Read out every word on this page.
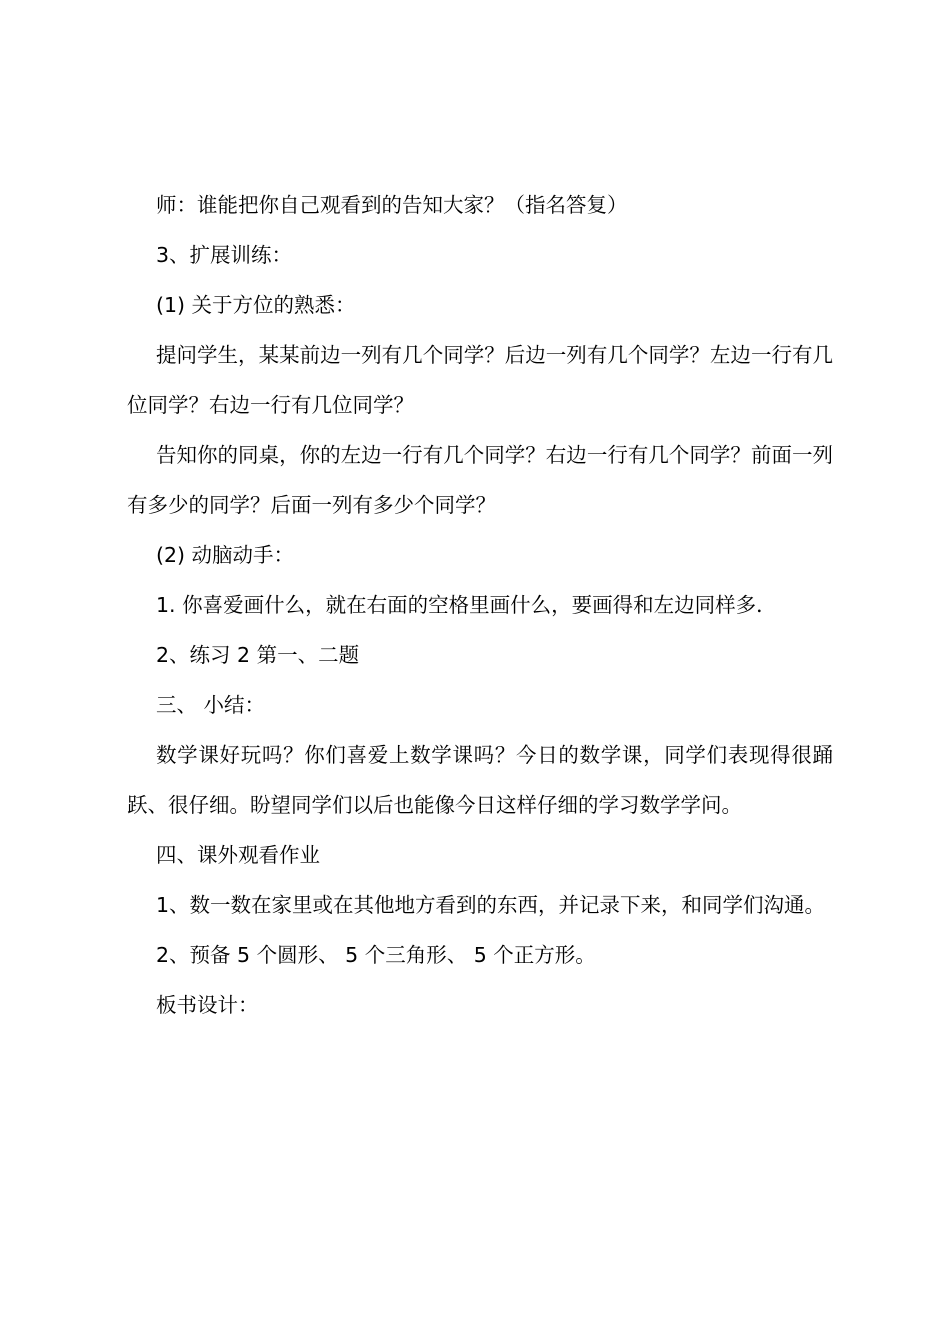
师：谁能把你自己观看到的告知大家？（指名答复）

3、扩展训练：

(1) 关于方位的熟悉：

提问学生，某某前边一列有几个同学？后边一列有几个同学？左边一行有几位同学？右边一行有几位同学？

告知你的同桌，你的左边一行有几个同学？右边一行有几个同学？前面一列有多少的同学？后面一列有多少个同学？

(2) 动脑动手：

1. 你喜爱画什么，就在右面的空格里画什么，要画得和左边同样多．

2、练习 2 第一、二题

三、 小结：

数学课好玩吗？你们喜爱上数学课吗？今日的数学课，同学们表现得很踊跃、很仔细。盼望同学们以后也能像今日这样仔细的学习数学学问。

四、课外观看作业

1、数一数在家里或在其他地方看到的东西，并记录下来，和同学们沟通。

2、预备 5 个圆形、 5 个三角形、 5 个正方形。

板书设计：
